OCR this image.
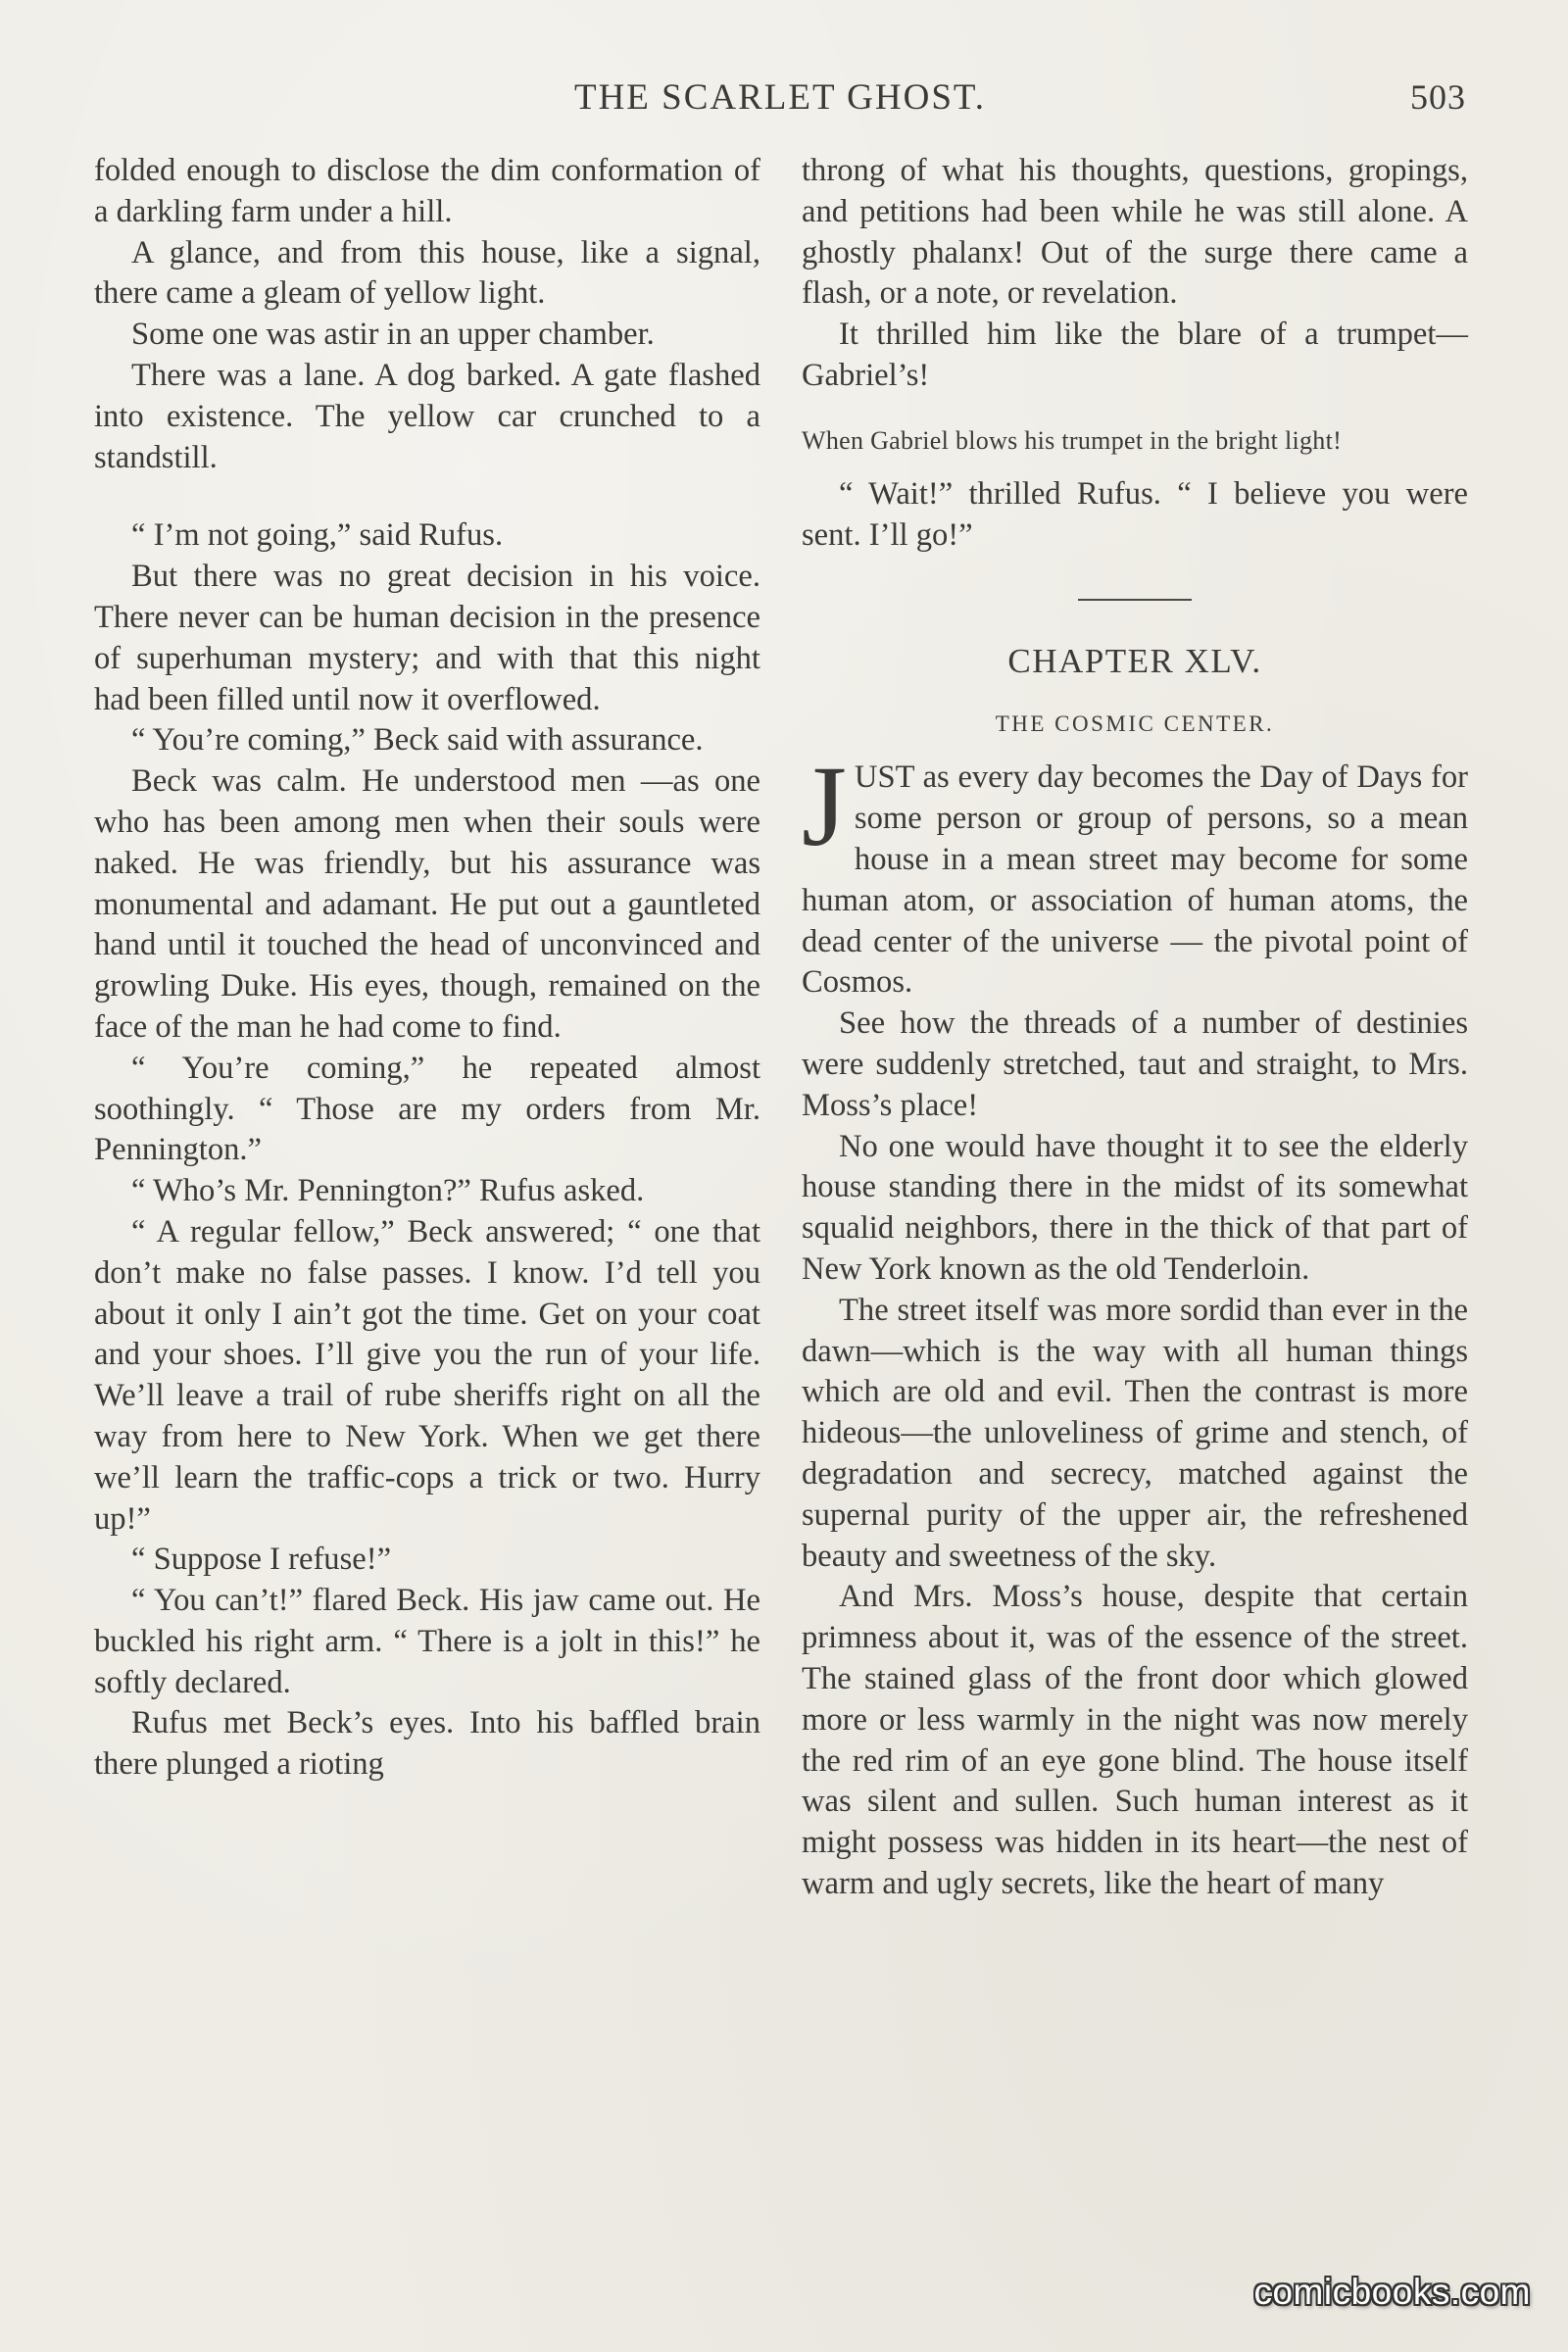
THE SCARLET GHOST.	503

folded enough to disclose the dim conformation of a darkling farm under a hill.

A glance, and from this house, like a signal, there came a gleam of yellow light.

Some one was astir in an upper chamber.

There was a lane. A dog barked. A gate flashed into existence. The yellow car crunched to a standstill.

“ I’m not going,” said Rufus.

But there was no great decision in his voice. There never can be human decision in the presence of superhuman mystery; and with that this night had been filled until now it overflowed.

“ You’re coming,” Beck said with assurance.

Beck was calm. He understood men —as one who has been among men when their souls were naked. He was friendly, but his assurance was monumental and adamant. He put out a gauntleted hand until it touched the head of unconvinced and growling Duke. His eyes, though, remained on the face of the man he had come to find.

“ You’re coming,” he repeated almost soothingly. “ Those are my orders from Mr. Pennington.”

“ Who’s Mr. Pennington?” Rufus asked.

“ A regular fellow,” Beck answered; “ one that don’t make no false passes. I know. I’d tell you about it only I ain’t got the time. Get on your coat and your shoes. I’ll give you the run of your life. We’ll leave a trail of rube sheriffs right on all the way from here to New York. When we get there we’ll learn the traffic-cops a trick or two. Hurry up!”

“ Suppose I refuse!”

“ You can’t!” flared Beck. His jaw came out. He buckled his right arm. “ There is a jolt in this!” he softly declared.

Rufus met Beck’s eyes. Into his baffled brain there plunged a rioting

throng of what his thoughts, questions, gropings, and petitions had been while he was still alone. A ghostly phalanx! Out of the surge there came a flash, or a note, or revelation.

It thrilled him like the blare of a trumpet—Gabriel’s!

When Gabriel blows his trumpet in the bright light!

“ Wait!” thrilled Rufus. “ I believe you were sent. I’ll go!”

CHAPTER XLV.
THE COSMIC CENTER.

JUST as every day becomes the Day of Days for some person or group of persons, so a mean house in a mean street may become for some human atom, or association of human atoms, the dead center of the universe — the pivotal point of Cosmos.

See how the threads of a number of destinies were suddenly stretched, taut and straight, to Mrs. Moss’s place!

No one would have thought it to see the elderly house standing there in the midst of its somewhat squalid neighbors, there in the thick of that part of New York known as the old Tenderloin.

The street itself was more sordid than ever in the dawn—which is the way with all human things which are old and evil. Then the contrast is more hideous—the unloveliness of grime and stench, of degradation and secrecy, matched against the supernal purity of the upper air, the refreshened beauty and sweetness of the sky.

And Mrs. Moss’s house, despite that certain primness about it, was of the essence of the street. The stained glass of the front door which glowed more or less warmly in the night was now merely the red rim of an eye gone blind. The house itself was silent and sullen. Such human interest as it might possess was hidden in its heart—the nest of warm and ugly secrets, like the heart of many

comicbooks.com
